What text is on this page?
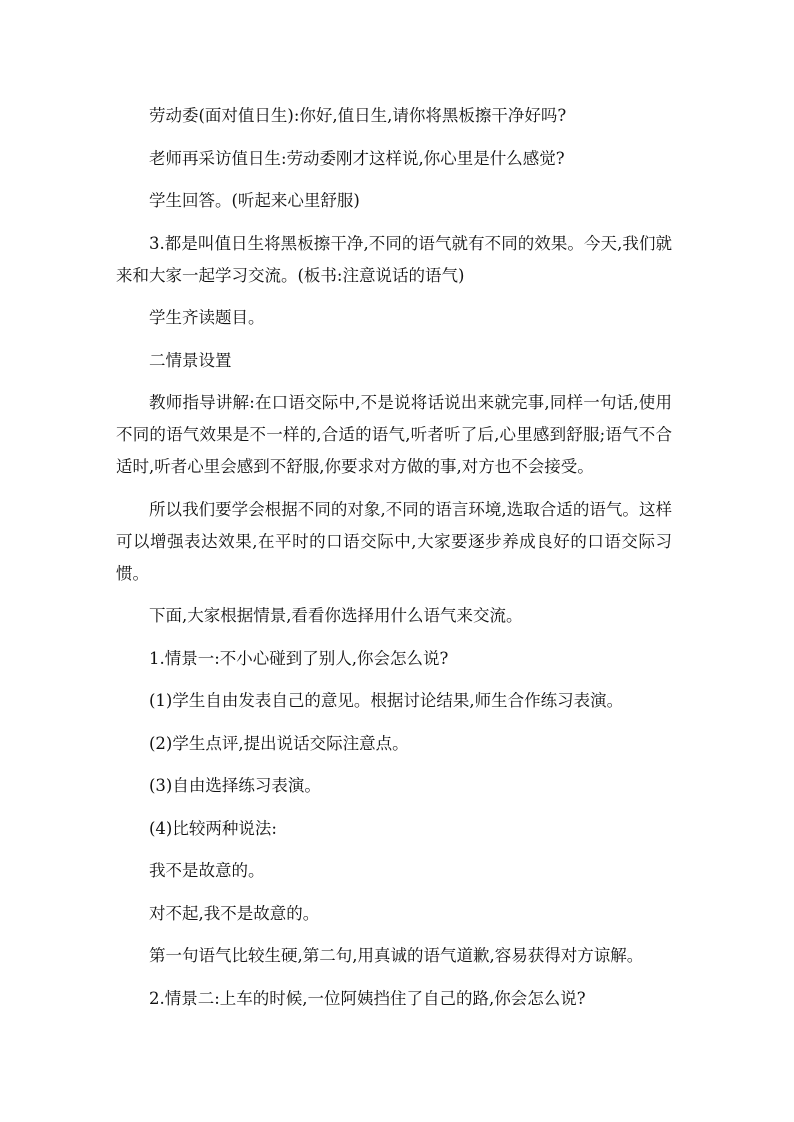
劳动委(面对值日生):你好,值日生,请你将黑板擦干净好吗?

老师再采访值日生:劳动委刚才这样说,你心里是什么感觉?

学生回答。(听起来心里舒服)

3.都是叫值日生将黑板擦干净,不同的语气就有不同的效果。今天,我们就来和大家一起学习交流。(板书:注意说话的语气)

学生齐读题目。

二情景设置

教师指导讲解:在口语交际中,不是说将话说出来就完事,同样一句话,使用不同的语气效果是不一样的,合适的语气,听者听了后,心里感到舒服;语气不合适时,听者心里会感到不舒服,你要求对方做的事,对方也不会接受。

所以我们要学会根据不同的对象,不同的语言环境,选取合适的语气。这样可以增强表达效果,在平时的口语交际中,大家要逐步养成良好的口语交际习惯。

下面,大家根据情景,看看你选择用什么语气来交流。

1.情景一:不小心碰到了别人,你会怎么说?

(1)学生自由发表自己的意见。根据讨论结果,师生合作练习表演。

(2)学生点评,提出说话交际注意点。

(3)自由选择练习表演。

(4)比较两种说法:

我不是故意的。

对不起,我不是故意的。

第一句语气比较生硬,第二句,用真诚的语气道歉,容易获得对方谅解。

2.情景二:上车的时候,一位阿姨挡住了自己的路,你会怎么说?
